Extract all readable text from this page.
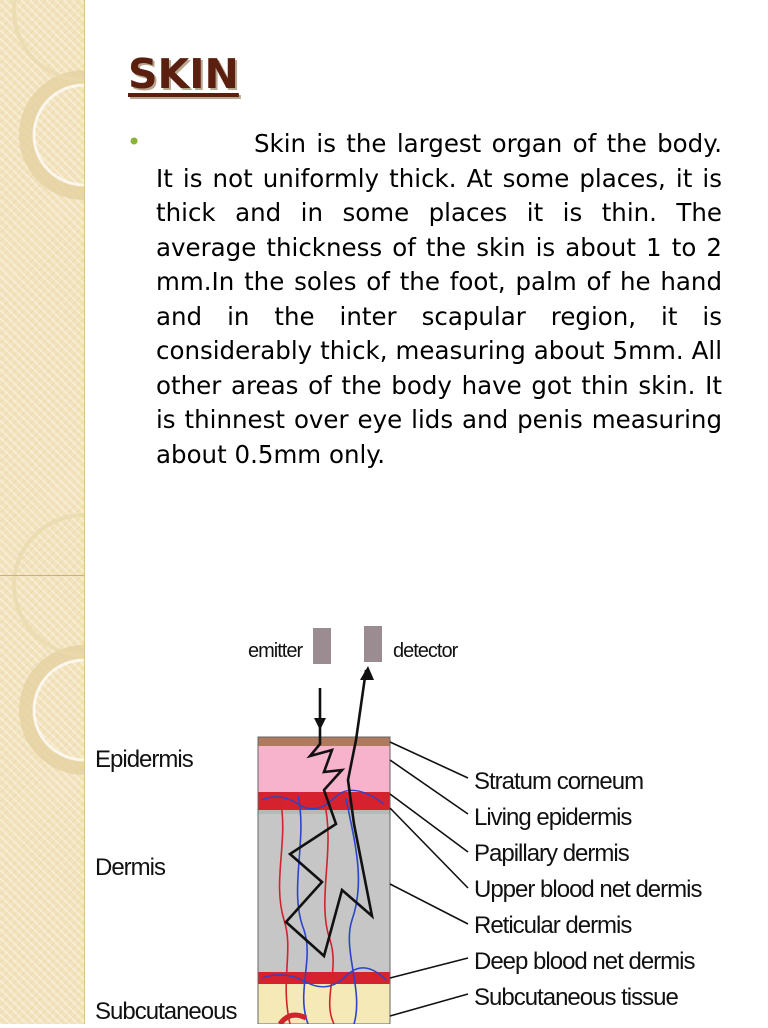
SKIN
•	Skin is the largest organ of the body. It is not uniformly thick. At some places, it is thick and in some places it is thin. The average thickness of the skin is about 1 to 2 mm.In the soles of the foot, palm of he hand and in the inter scapular region, it is considerably thick, measuring about 5mm. All other areas of the body have got thin skin. It is thinnest over eye lids and penis measuring about 0.5mm only.

emitter	detector
Epidermis
Dermis
Subcutaneous
Stratum corneum
Living epidermis
Papillary dermis
Upper blood net dermis
Reticular dermis
Deep blood net dermis
Subcutaneous tissue
